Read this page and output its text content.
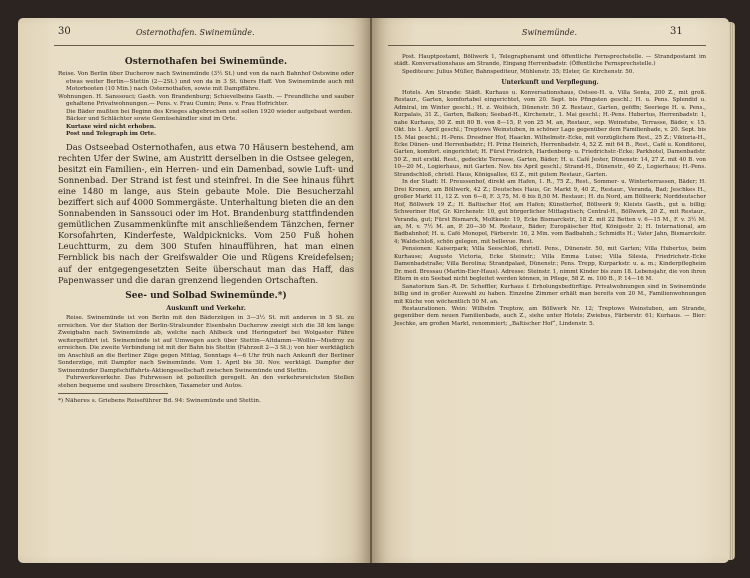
30	Osternothafen. Swinemünde.
Osternothafen bei Swinemünde.

Reise. Von Berlin über Ducherow nach Swinemünde (3½ St.) und von da nach Bahnhof Ostswine oder etwas weiter Berlin—Stettin (2—2St.) und von da in 3 St. übers Haff. Von Swinemünde auch mit Motorbooten (10 Min.) nach Osternothafen, sowie mit Dampffähre.

Wohnungen. H. Sanssouci; Gasth. von Brandenburg; Schievelbeins Gasth. — Freundliche und sauber gehaltene Privatwohnungen.— Pens. v. Frau Cumin; Pens. v. Frau Hofrichter.

Die Bäder mußten bei Beginn des Krieges abgebrochen und sollen 1920 wieder aufgebaut werden.

Bäcker und Schlächter sowie Gemüsehändler sind im Orte.

Kurtaxe wird nicht erhoben.

Post und Telegraph im Orte.

Das Ostseebad Osternothafen, aus etwa 70 Häusern bestehend, am rechten Ufer der Swine, am Austritt derselben in die Ostsee gelegen, besitzt ein Familien-, ein Herren- und ein Damenbad, sowie Luft- und Sonnenbad. Der Strand ist fest und steinfrei. In die See hinaus führt eine 1480 m lange, aus Stein gebaute Mole. Die Besucherzahl beziffert sich auf 4000 Sommergäste. Unterhaltung bieten die an den Sonnabenden in Sanssouci oder im Hot. Brandenburg stattfindenden gemütlichen Zusammenkünfte mit anschließendem Tänzchen, ferner Korsofahrten, Kinderfeste, Waldpicknicks. Vom 250 Fuß hohen Leuchtturm, zu dem 300 Stufen hinaufführen, hat man einen Fernblick bis nach der Greifswalder Oie und Rügens Kreidefelsen; auf der entgegengesetzten Seite überschaut man das Haff, das Papenwasser und die daran grenzend liegenden Ortschaften.

See- und Solbad Swinemünde.*)
Auskunft und Verkehr.

Reise. Swinemünde ist von Berlin mit den Bäderzügen in 3—3½ St. mit anderen in 5 St. zu erreichen. Vor der Station der Berlin-Stralsunder Eisenbahn Ducherow zweigt sich die 38 km lange Zweigbahn nach Swinemünde ab, welche nach Ahlbeck und Heringsdorf bei Wolgaster Fähre weitergeführt ist. Swinemünde ist auf Umwegen auch über Stettin—Altdamm—Wollin—Misdroy zu erreichen. Die zweite Verbindung ist mit der Bahn bis Stettin (Fahrzeit 2—3 St.); von hier werktäglich im Anschluß an die Berliner Züge gegen Mittag, Sonntags 4—6 Uhr früh nach Ankunft der Berliner Sonderzüge, mit Dampfer nach Swinemünde. Vom 1. April bis 30. Nov. werktägl. Dampfer der Swinemünder Dampfschiffahrts-Aktiengesellschaft zwischen Swinemünde und Stettin.

Fuhrwerksverkehr. Das Fuhrwesen ist polizeilich geregelt. An den verkehrsreichsten Stellen stehen bequeme und saubere Droschken, Taxameter und Autos.

*) Näheres s. Griebens Reiseführer Bd. 94: Swinemünde und Stettin.

Swinemünde.	31

Post. Hauptpostamt, Böllwerk 1, Telegraphenamt und öffentliche Fernsprechstelle. — Strandpostamt im städt. Konversationshaus am Strande, Eingang Herrenbadstr. (Öffentliche Fernsprechstelle.)

Spediteure: Julius Müller, Bahnspediteur, Mühlenstr. 35; Elster, Gr. Kirchenstr. 50.

Unterkunft und Verpflegung.

Hotels. Am Strande: Städt. Kurhaus u. Konversationshaus, Ostsee-H. u. Villa Senta, 200 Z., mit groß. Restaur., Garten, komfortabel eingerichtet, vom 20. Sept. bis Pfingsten geschl.; H. u. Pens. Splendid u. Admiral, im Winter geschl.; H. z. Wolfsich, Dünenstr. 50 Z. Restaur., Garten, geöffn; Seeriege H. u. Pens., Kurpalais, 31 Z., Garten, Balkon; Seebad-H., Kirchenstr., 1. Mai geschl.; H.-Pens. Hubertus, Herrenbadstr. 1, nahe Kurhaus, 50 Z. mit 80 B. von 8—15, P. von 25 M. an, Restaur., sep. Weinstube, Terrasse, Bäder, v. 15. Okt. bis 1. April geschl.; Treptows Weinstuben, in schöner Lage gegenüber dem Familienbade, v. 20. Sept. bis 15. Mai geschl.; H.-Pens. Dresdner Hof, Haackn. Wilhelmstr.-Ecke, mit vorzüglichem Rest., 25 Z.; Viktoria-H., Ecke Dünen- und Herrenbadstr.; H. Prinz Heinrich, Herrenbadstr. 4, 52 Z. mit 64 B., Rest., Café u. Konditorei, Garten, komfort. eingerichtet; H. Fürst Friedrich, Hardenberg- u. Friedrichstr.-Ecke; Parkhotel, Damenbadstr. 50 Z., mit erstkl. Rest., gedeckte Terrasse, Garten, Bäder; H. u. Café Jester, Dünenstr. 14, 27 Z. mit 40 B. von 10—20 M., Logierhaus, mit Garten. Nov. bis April geschl.; Strand-H., Dünenstr., 40 Z., Logierhaus; H.-Pens. Strandschloß, christl. Haus, Königsallee, 63 Z., mit gutem Restaur., Garten.

In der Stadt: H. Preussenhof, direkt am Hafen, 1. R., 75 Z., Rest., Sommer- u. Winterterrassen, Bäder; H. Drei Kronen, am Böllwerk, 42 Z.; Deutsches Haus, Gr. Markt 9, 40 Z., Restaur., Veranda, Bad; Jeschkes H., großer Markt 11, 12 Z. von 6—8, F. 3,75, M. 6 bis 8,50 M. Restaur.; H. du Nord, am Böllwerk; Norddeutscher Hof, Böllwerk 19 Z.; H. Baltischer Hof, am Hafen; Künstlerhof, Böllwerk 9; Kleists Gasth., gut u. billig; Schweriner Hof, Gr. Kirchenstr. 10, gut bürgerlicher Mittagstisch; Central-H., Böllwerk, 20 Z., mit Restaur., Veranda, gut; Fürst Bismarck, Moltkestr. 19, Ecke Bismarckstr., 18 Z. mit 22 Betten v. 6—15 M., F. v. 3½ M. an, M. v. 7½ M. an, P. 20—30 M. Restaur., Bäder; Europäischer Hof, Königsstr. 2; H. International, am Badbahnhof; H. u. Café Monopol, Färberstr. 16, 2 Min. vom Badbahnh.; Schmidts H.; Vater Jahn, Bismarckstr. 4; Waldschloß, schön gelegen, mit bellevue. Rest.

Pensionen: Kaiserpark; Villa Seeschloß, christl. Pens., Dünenstr. 50, mit Garten; Villa Hubertus, beim Kurhause; Auguste Victoria, Ecke Steinstr.; Villa Emma Luise; Villa Silesia, Friedrichstr.-Ecke Damenbadstraße; Villa Berolina; Strandpalast, Dünenstr.; Pens. Trepp, Kurparkstr. u. a. m.; Kinderpflegheim Dr. med. Bressau (Martin-Eier-Haus). Adresse: Steinstr. 1, nimmt Kinder bis zum 18. Lebensjahr, die von ihren Eltern in ein Seebad nicht begleitet werden können, in Pflege, 58 Z. m. 100 B., P. 14—16 M.

Sanatorium San.-R. Dr. Scheffler, Kurhaus f. Erholungsbedürftige. Privatwohnungen sind in Swinemünde billig und in großer Auswahl zu haben. Einzelne Zimmer erhält man bereits von 20 M., Familienwohnungen mit Küche von wöchentlich 50 M. an.

Restaurationen. Wein: Wilhelm Treptow, am Böllwerk Nr. 12; Treptows Weinstuben, am Strande, gegenüber dem neuen Familienbade, auch Z., siehe unter Hotels; Zwiebus, Färberstr. 61; Kurhaus. — Bier: Jeschke, am großen Markt, renommiert; „Baltischer Hof“, Lindenstr. 5.
